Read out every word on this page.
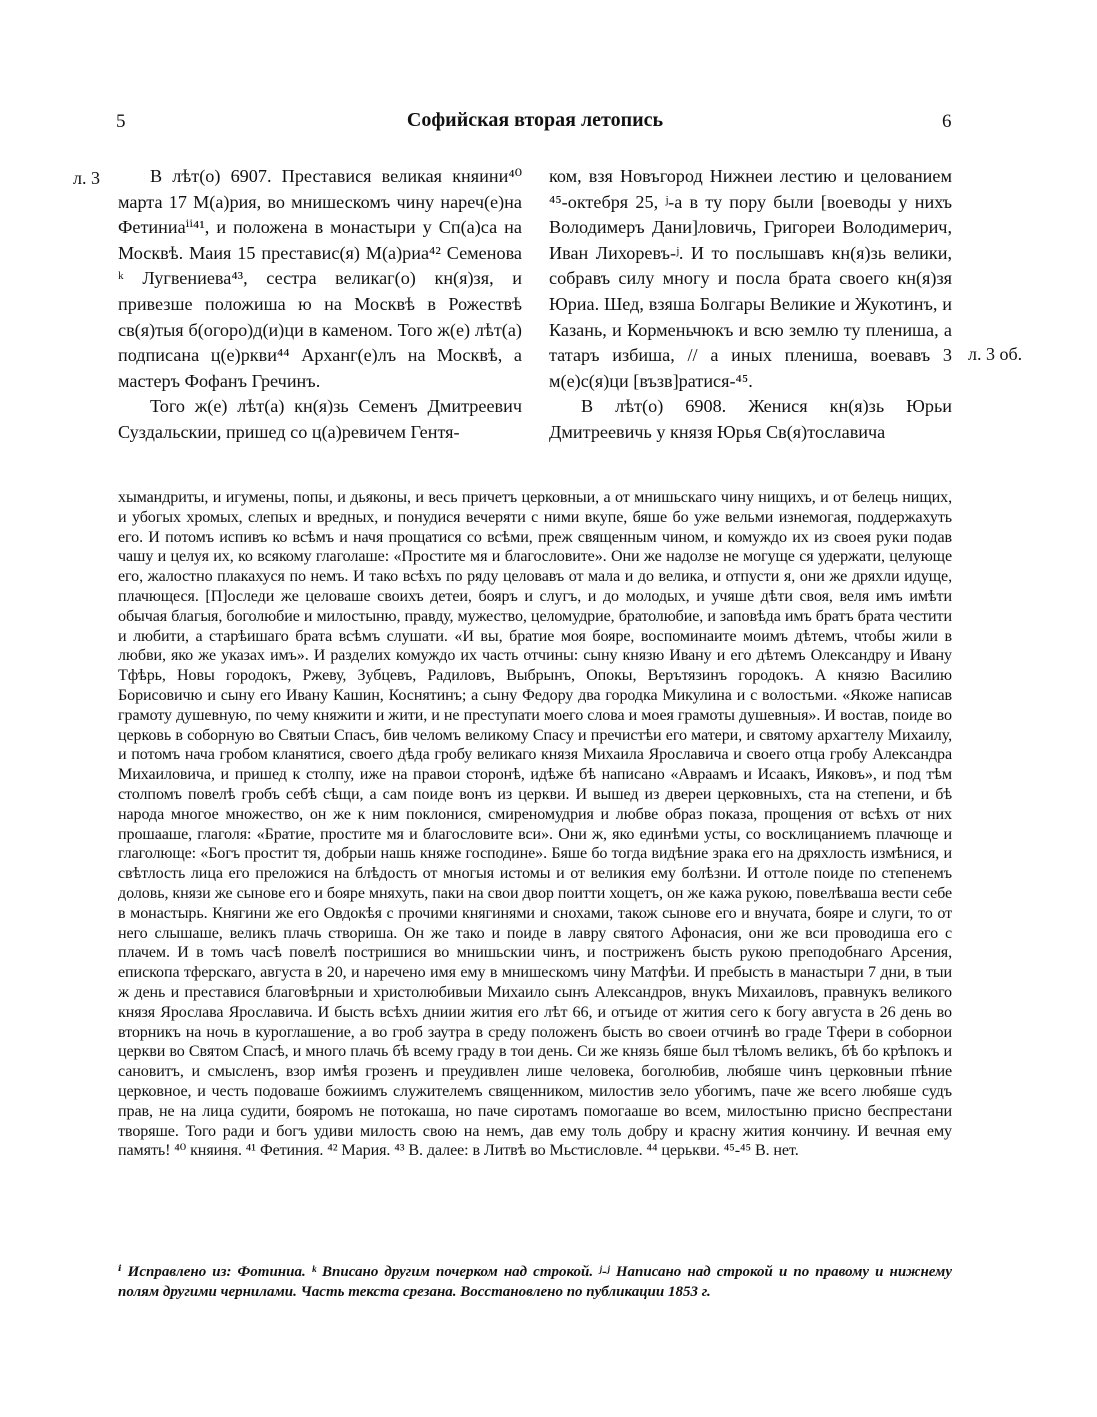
5	Софийская вторая летопись	6
л. 3
л. 3 об.

В лѣт(о) 6907. Преставися великая княини⁴⁰ марта 17 М(а)рия, во мнишескомъ чину нареч(е)на Фетиниаⁱⁱ⁴¹, и положена в монастыри у Сп(а)са на Москвѣ. Маия 15 преставис(я) М(а)риа⁴² Семенова ᵏ Лугвениева⁴³, сестра великаг(о) кн(я)зя, и привезше положиша ю на Москвѣ в Рожествѣ св(я)тыя б(огоро)д(и)ци в каменом. Того ж(е) лѣт(а) подписана ц(е)ркви⁴⁴ Арханг(е)лъ на Москвѣ, а мастеръ Фофанъ Гречинъ.

Того ж(е) лѣт(а) кн(я)зь Семенъ Дмитреевич Суздальскии, пришед со ц(а)ревичем Гентя-

ком, взя Новъгород Нижнеи лестию и целованием ⁴⁵‑октебря 25, ʲ‑а в ту пору были [воеводы у нихъ Володимеръ Дани]ловичь, Григореи Володимерич, Иван Лихоревъ‑ʲ. И то послышавъ кн(я)зь велики, собравъ силу многу и посла брата своего кн(я)зя Юриа. Шед, взяша Болгары Великие и Жукотинъ, и Казань, и Корменьчюкъ и всю землю ту плениша, а татаръ избиша, // а иных плениша, воевавъ 3 м(е)с(я)ци [възв]ратися‑⁴⁵.

В лѣт(о) 6908. Женися кн(я)зь Юрьи Дмитреевичь у князя Юрья Св(я)тославича

хымандриты, и игумены, попы, и дьяконы, и весь причетъ церковныи, а от мнишьскаго чину нищихъ, и от белець нищих, и убогых хромых, слепых и вредных, и понудися вечеряти с ними вкупе, бяше бо уже вельми изнемогая, поддержахуть его. И потомъ испивъ ко всѣмъ и начя прощатися со всѣми, преж священным чином, и комуждо их из своея руки подав чашу и целуя их, ко всякому глаголаше: «Простите мя и благословите». Они же надолзе не могуще ся удержати, целующе его, жалостно плакахуся по немъ. И тако всѣхъ по ряду целовавъ от мала и до велика, и отпусти я, они же дряхли идуще, плачющеся. [П]оследи же целоваше своихъ детеи, бояръ и слугъ, и до молодых, и учяше дѣти своя, веля имъ имѣти обычая благыя, боголюбие и милостыню, правду, мужество, целомудрие, братолюбие, и заповѣда имъ братъ брата честити и любити, а старѣишаго брата всѣмъ слушати. «И вы, братие моя бояре, воспоминаите моимъ дѣтемъ, чтобы жили в любви, яко же указах имъ». И разделих комуждо их часть отчины: сыну князю Ивану и его дѣтемъ Олександру и Ивану Тфѣрь, Новы городокъ, Ржеву, Зубцевъ, Радиловъ, Выбрынъ, Опокы, Верътязинъ городокъ. А князю Василию Борисовичю и сыну его Ивану Кашин, Коснятинъ; а сыну Федору два городка Микулина и с волостьми. «Якоже написав грамоту душевную, по чему княжити и жити, и не преступати моего слова и моея грамоты душевныя». И востав, поиде во церковь в соборную во Святыи Спасъ, бив челомъ великому Спасу и пречистѣи его матери, и святому архагтелу Михаилу, и потомъ нача гробом кланятися, своего дѣда гробу великаго князя Михаила Ярославича и своего отца гробу Александра Михаиловича, и пришед к столпу, иже на правои сторонѣ, идѣже бѣ написано «Авраамъ и Исаакъ, Ияковъ», и под тѣм столпомъ повелѣ гробъ себѣ сѣщи, а сам поиде вонъ из церкви. И вышед из двереи церковныхъ, ста на степени, и бѣ народа многое множество, он же к ним поклонися, смиреномудрия и любве образ показа, прощения от всѣхъ от них прошааше, глаголя: «Братие, простите мя и благословите вси». Они ж, яко единѣми усты, со восклицаниемъ плачюще и глаголюще: «Богъ простит тя, добрыи нашь княже господине». Бяше бо тогда видѣние зрака его на дряхлость измѣнися, и свѣтлость лица его преложися на блѣдость от многыя истомы и от великия ему болѣзни. И оттоле поиде по степенемъ доловь, князи же сынове его и бояре мняхуть, паки на свои двор поитти хощетъ, он же кажа рукою, повелѣваша вести себе в монастырь. Княгини же его Овдокѣя с прочими княгинями и снохами, також сынове его и внучата, бояре и слуги, то от него слышаше, великъ плачь створиша. Он же тако и поиде в лавру святого Афонасия, они же вси проводиша его с плачем. И в томъ часѣ повелѣ постришися во мнишьскии чинъ, и постриженъ бысть рукою преподобнаго Арсения, епископа тферскаго, августа в 20, и наречено имя ему в мнишескомъ чину Матфѣи. И пребысть в манастыри 7 дни, в тыи ж день и преставися благовѣрныи и христолюбивыи Михаило сынъ Александров, внукъ Михаиловъ, правнукъ великого князя Ярослава Ярославича. И бысть всѣхъ дниии жития его лѣт 66, и отъиде от жития сего к богу августа в 26 день во вторникъ на ночь в куроглашение, а во гроб заутра в среду положенъ бысть во своеи отчинѣ во граде Тфери в соборнои церкви во Святом Спасѣ, и много плачь бѣ всему граду в тои день. Си же князь бяше был тѣломъ великъ, бѣ бо крѣпокъ и сановитъ, и смысленъ, взор имѣя грозенъ и преудивлен лише человека, боголюбив, любяше чинъ церковныи пѣние церковное, и честь подоваше божиимъ служителемъ священником, милостив зело убогимъ, паче же всего любяше судъ прав, не на лица судити, бояромъ не потокаша, но паче сиротамъ помогааше во всем, милостыню присно беспрестани творяше. Того ради и богъ удиви милость свою на немъ, дав ему толь добру и красну жития кончину. И вечная ему память! ⁴⁰ княиня. ⁴¹ Фетиния. ⁴² Мария. ⁴³ В. далее: в Литвѣ во Мьстисловле. ⁴⁴ церькви. ⁴⁵‑⁴⁵ В. нет.

ⁱ Исправлено из: Фотиниа. ᵏ Вписано другим почерком над строкой. ʲ‑ʲ Написано над строкой и по правому и нижнему полям другими чернилами. Часть текста срезана. Восстановлено по публикации 1853 г.
